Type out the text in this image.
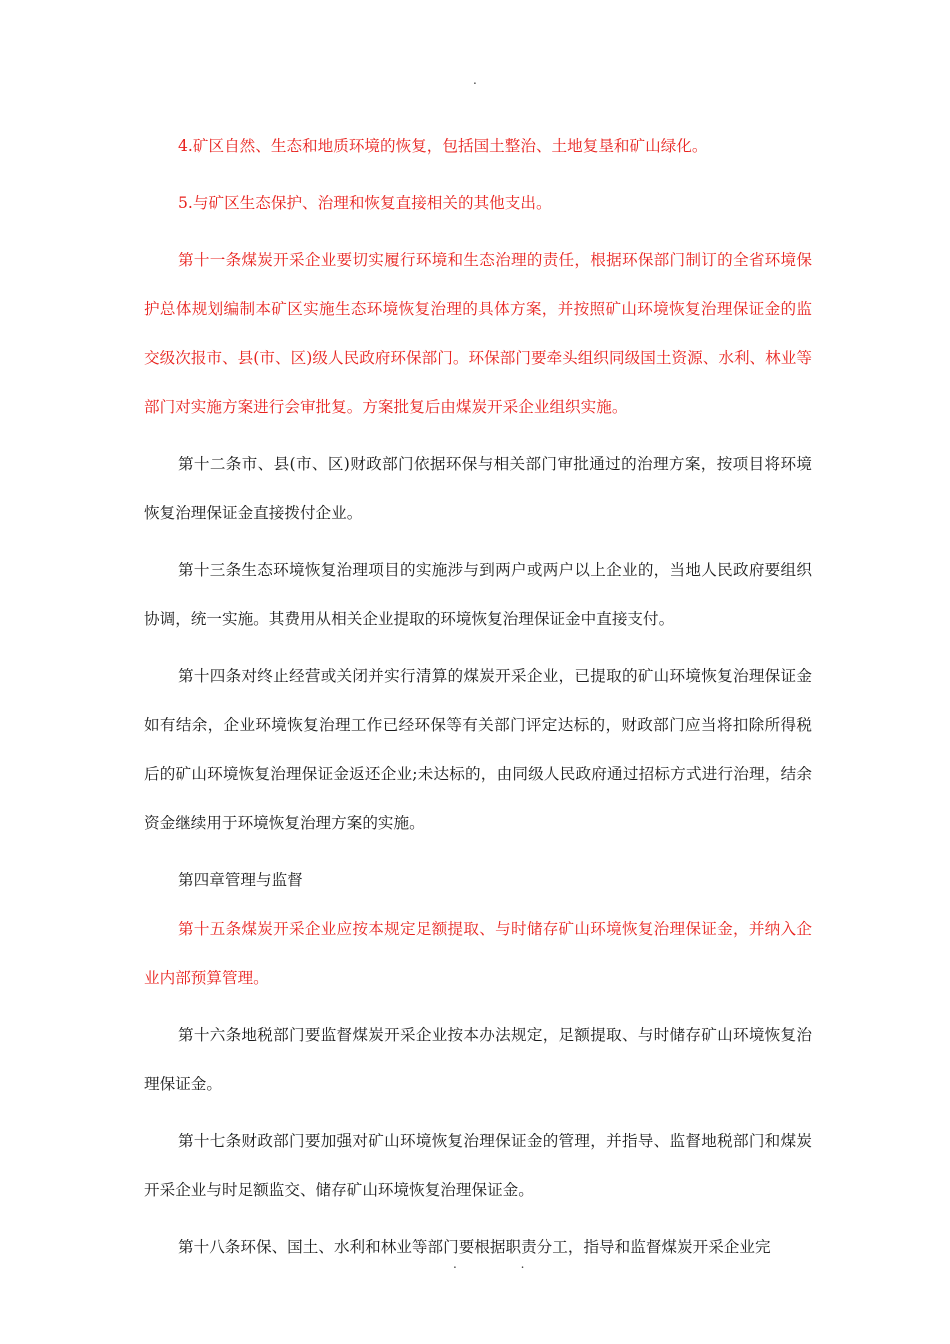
.

4.矿区自然、生态和地质环境的恢复，包括国土整治、土地复垦和矿山绿化。

5.与矿区生态保护、治理和恢复直接相关的其他支出。

第十一条煤炭开采企业要切实履行环境和生态治理的责任，根据环保部门制订的全省环境保护总体规划编制本矿区实施生态环境恢复治理的具体方案，并按照矿山环境恢复治理保证金的监交级次报市、县(市、区)级人民政府环保部门。环保部门要牵头组织同级国土资源、水利、林业等部门对实施方案进行会审批复。方案批复后由煤炭开采企业组织实施。

第十二条市、县(市、区)财政部门依据环保与相关部门审批通过的治理方案，按项目将环境恢复治理保证金直接拨付企业。

第十三条生态环境恢复治理项目的实施涉与到两户或两户以上企业的，当地人民政府要组织协调，统一实施。其费用从相关企业提取的环境恢复治理保证金中直接支付。

第十四条对终止经营或关闭并实行清算的煤炭开采企业，已提取的矿山环境恢复治理保证金如有结余，企业环境恢复治理工作已经环保等有关部门评定达标的，财政部门应当将扣除所得税后的矿山环境恢复治理保证金返还企业;未达标的，由同级人民政府通过招标方式进行治理，结余资金继续用于环境恢复治理方案的实施。

第四章管理与监督

第十五条煤炭开采企业应按本规定足额提取、与时储存矿山环境恢复治理保证金，并纳入企业内部预算管理。

第十六条地税部门要监督煤炭开采企业按本办法规定，足额提取、与时储存矿山环境恢复治理保证金。

第十七条财政部门要加强对矿山环境恢复治理保证金的管理，并指导、监督地税部门和煤炭开采企业与时足额监交、储存矿山环境恢复治理保证金。

第十八条环保、国土、水利和林业等部门要根据职责分工，指导和监督煤炭开采企业完

. .
